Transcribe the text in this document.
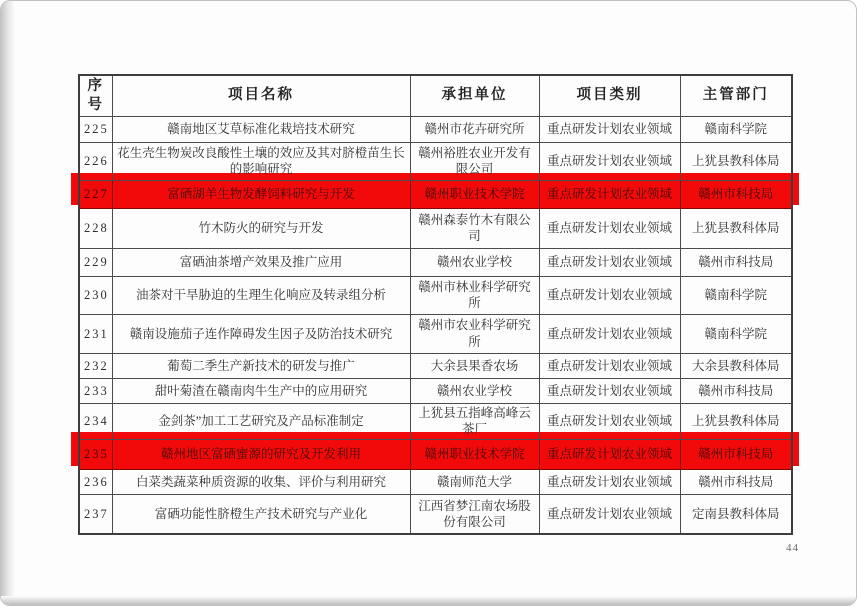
序号	项目名称	承担单位	项目类别	主管部门
225	赣南地区艾草标准化栽培技术研究	赣州市花卉研究所	重点研发计划农业领域	赣南科学院
226	花生壳生物炭改良酸性土壤的效应及其对脐橙苗生长的影响研究	赣州裕胜农业开发有限公司	重点研发计划农业领域	上犹县教科体局
227	富硒湖羊生物发酵饲料研究与开发	赣州职业技术学院	重点研发计划农业领域	赣州市科技局
228	竹木防火的研究与开发	赣州森泰竹木有限公司	重点研发计划农业领域	上犹县教科体局
229	富硒油茶增产效果及推广应用	赣州农业学校	重点研发计划农业领域	赣州市科技局
230	油茶对干旱胁迫的生理生化响应及转录组分析	赣州市林业科学研究所	重点研发计划农业领域	赣南科学院
231	赣南设施茄子连作障碍发生因子及防治技术研究	赣州市农业科学研究所	重点研发计划农业领域	赣南科学院
232	葡萄二季生产新技术的研发与推广	大余县果香农场	重点研发计划农业领域	大余县教科体局
233	甜叶菊渣在赣南肉牛生产中的应用研究	赣州农业学校	重点研发计划农业领域	赣州市科技局
234	金剑茶”加工工艺研究及产品标准制定	上犹县五指峰高峰云茶厂	重点研发计划农业领域	上犹县教科体局
235	赣州地区富硒蜜源的研究及开发利用	赣州职业技术学院	重点研发计划农业领域	赣州市科技局
236	白菜类蔬菜种质资源的收集、评价与利用研究	赣南师范大学	重点研发计划农业领域	赣州市科技局
237	富硒功能性脐橙生产技术研究与产业化	江西省梦江南农场股份有限公司	重点研发计划农业领域	定南县教科体局
44
